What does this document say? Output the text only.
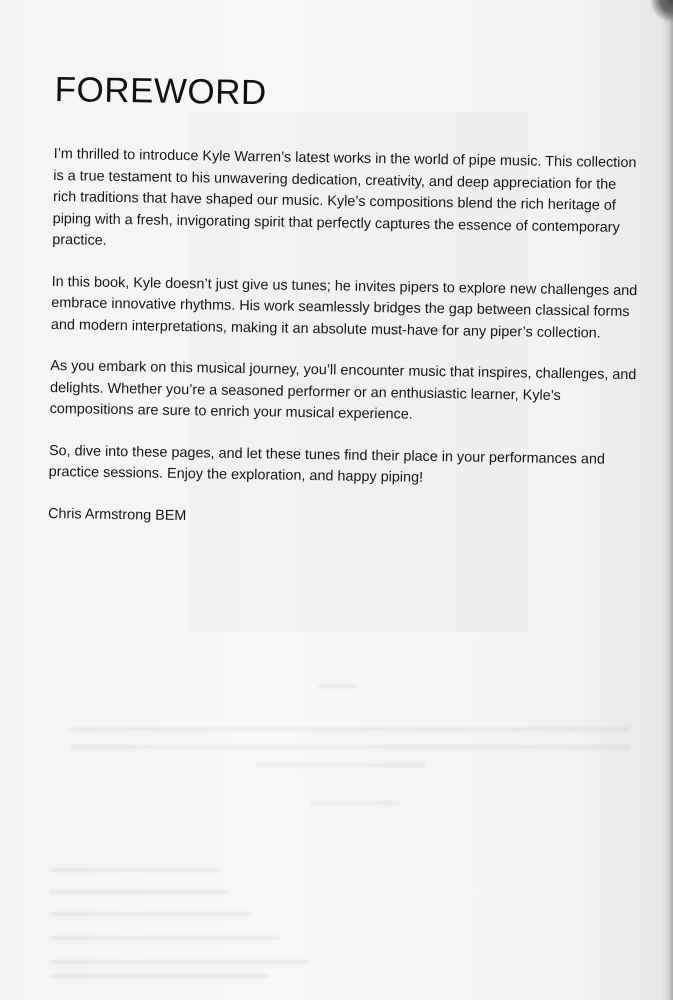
FOREWORD

I’m thrilled to introduce Kyle Warren’s latest works in the world of pipe music. This collection is a true testament to his unwavering dedication, creativity, and deep appreciation for the rich traditions that have shaped our music. Kyle’s compositions blend the rich heritage of piping with a fresh, invigorating spirit that perfectly captures the essence of contemporary practice.

In this book, Kyle doesn’t just give us tunes; he invites pipers to explore new challenges and embrace innovative rhythms. His work seamlessly bridges the gap between classical forms and modern interpretations, making it an absolute must-have for any piper’s collection.

As you embark on this musical journey, you’ll encounter music that inspires, challenges, and delights. Whether you’re a seasoned performer or an enthusiastic learner, Kyle’s compositions are sure to enrich your musical experience.

So, dive into these pages, and let these tunes find their place in your performances and practice sessions. Enjoy the exploration, and happy piping!

Chris Armstrong BEM
